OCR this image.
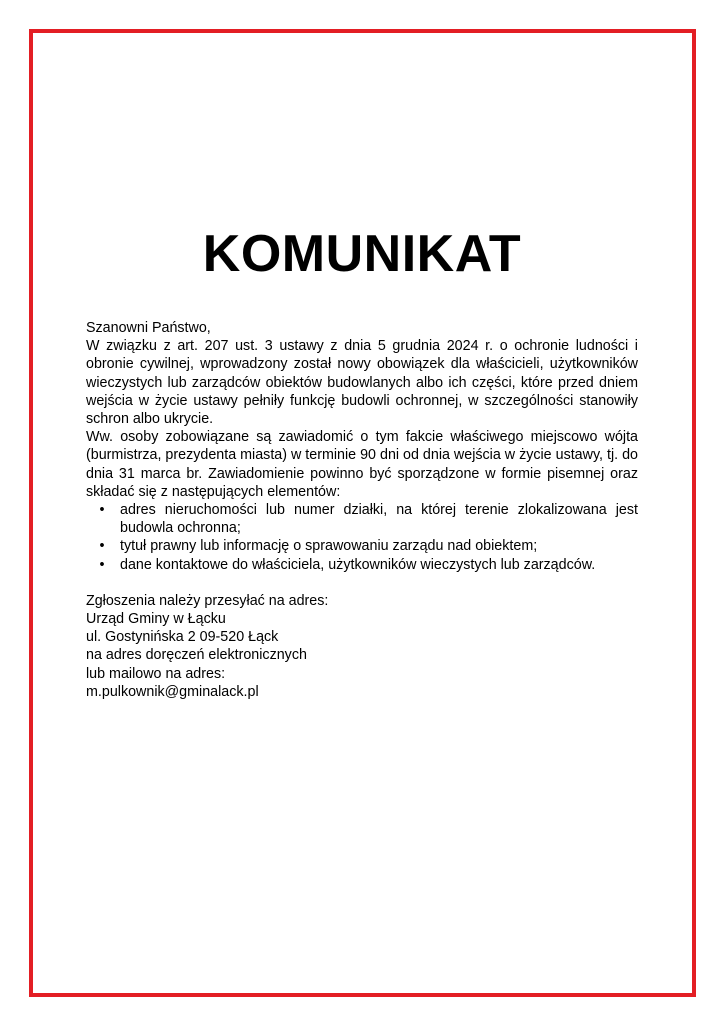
KOMUNIKAT

Szanowni Państwo,

W związku z art. 207 ust. 3 ustawy z dnia 5 grudnia 2024 r. o ochronie ludności i obronie cywilnej, wprowadzony został nowy obowiązek dla właścicieli, użytkowników wieczystych lub zarządców obiektów budowlanych albo ich części, które przed dniem wejścia w życie ustawy pełniły funkcję budowli ochronnej, w szczególności stanowiły schron albo ukrycie.

Ww. osoby zobowiązane są zawiadomić o tym fakcie właściwego miejscowo wójta (burmistrza, prezydenta miasta) w terminie 90 dni od dnia wejścia w życie ustawy, tj. do dnia 31 marca br. Zawiadomienie powinno być sporządzone w formie pisemnej oraz składać się z następujących elementów:

• adres nieruchomości lub numer działki, na której terenie zlokalizowana jest budowla ochronna;
• tytuł prawny lub informację o sprawowaniu zarządu nad obiektem;
• dane kontaktowe do właściciela, użytkowników wieczystych lub zarządców.

Zgłoszenia należy przesyłać na adres:

Urząd Gminy w Łącku

ul. Gostynińska 2 09-520 Łąck

na adres doręczeń elektronicznych

lub mailowo na adres:

m.pulkownik@gminalack.pl
